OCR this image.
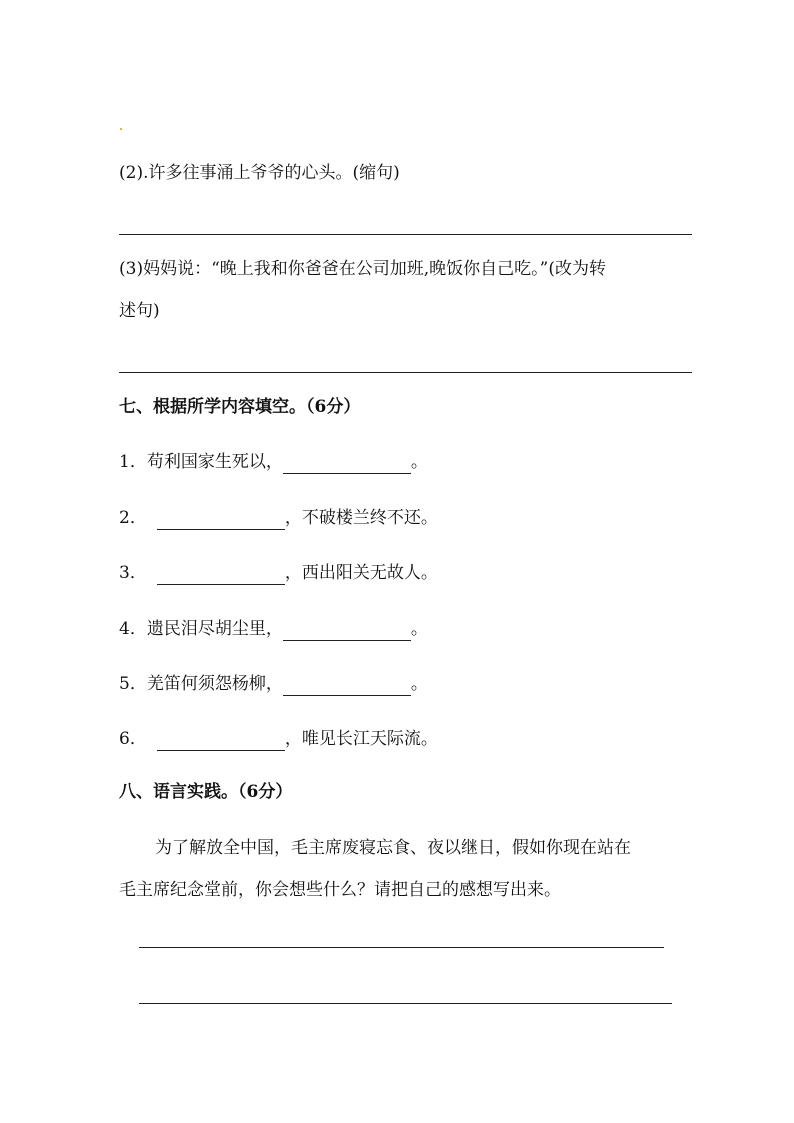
(2).许多往事涌上爷爷的心头。(缩句)
(3)妈妈说：“晚上我和你爸爸在公司加班,晚饭你自己吃。”(改为转
述句)
七、根据所学内容填空。（6分）
1．苟利国家生死以，	。
2．	，不破楼兰终不还。
3．	，西出阳关无故人。
4．遗民泪尽胡尘里，	。
5．羌笛何须怨杨柳，	。
6．	，唯见长江天际流。
八、语言实践。（6分）
为了解放全中国，毛主席废寝忘食、夜以继日，假如你现在站在
毛主席纪念堂前，你会想些什么？请把自己的感想写出来。
